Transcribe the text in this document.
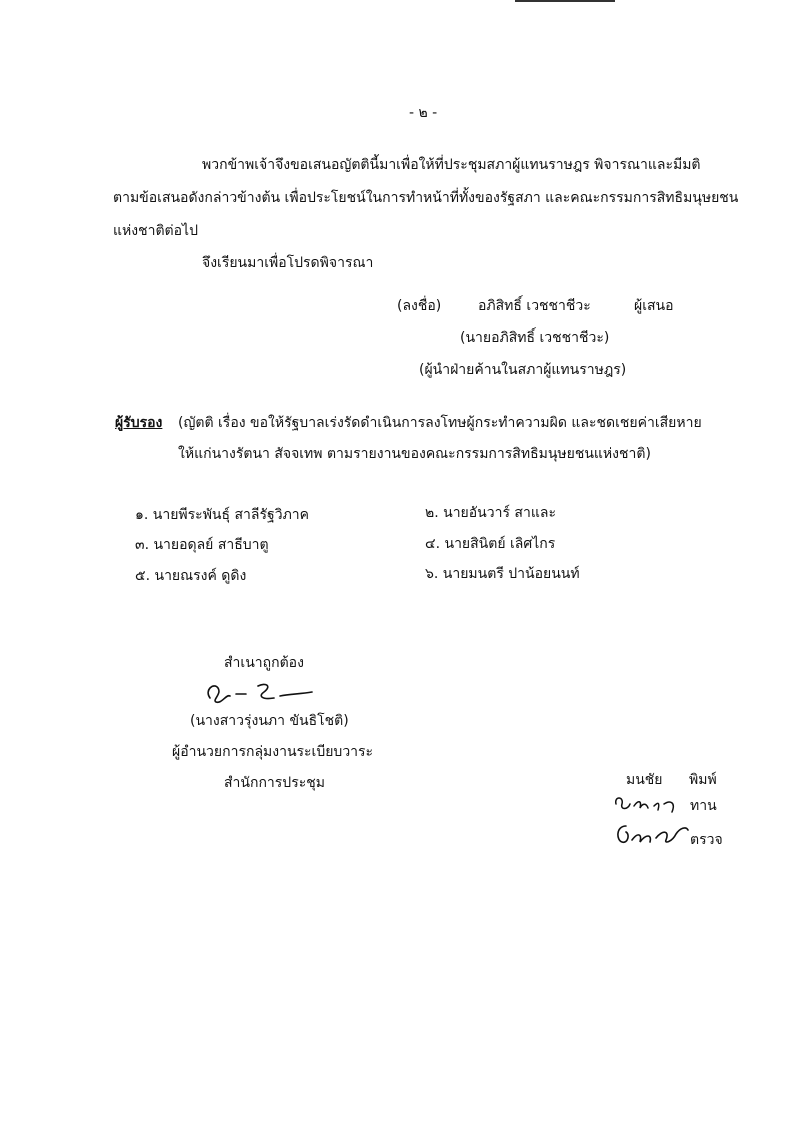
- ๒ -
พวกข้าพเจ้าจึงขอเสนอญัตตินี้มาเพื่อให้ที่ประชุมสภาผู้แทนราษฎร พิจารณาและมีมติ
ตามข้อเสนอดังกล่าวข้างต้น เพื่อประโยชน์ในการทำหน้าที่ทั้งของรัฐสภา และคณะกรรมการสิทธิมนุษยชน
แห่งชาติต่อไป
จึงเรียนมาเพื่อโปรดพิจารณา
(ลงชื่อ)	อภิสิทธิ์ เวชชาชีวะ	ผู้เสนอ
(นายอภิสิทธิ์ เวชชาชีวะ)
(ผู้นำฝ่ายค้านในสภาผู้แทนราษฎร)
ผู้รับรอง (ญัตติ เรื่อง ขอให้รัฐบาลเร่งรัดดำเนินการลงโทษผู้กระทำความผิด และชดเชยค่าเสียหาย
ให้แก่นางรัตนา สัจจเทพ ตามรายงานของคณะกรรมการสิทธิมนุษยชนแห่งชาติ)
๑. นายพีระพันธุ์ สาลีรัฐวิภาค	๒. นายอันวาร์ สาและ
๓. นายอดุลย์ สาธีบาตู	๔. นายสินิตย์ เลิศไกร
๕. นายณรงค์ ดูดิง	๖. นายมนตรี ปาน้อยนนท์
สำเนาถูกต้อง
(นางสาวรุ่งนภา ขันธิโชติ)
ผู้อำนวยการกลุ่มงานระเบียบวาระ
สำนักการประชุม	มนชัย พิมพ์
ทาน
ตรวจ
